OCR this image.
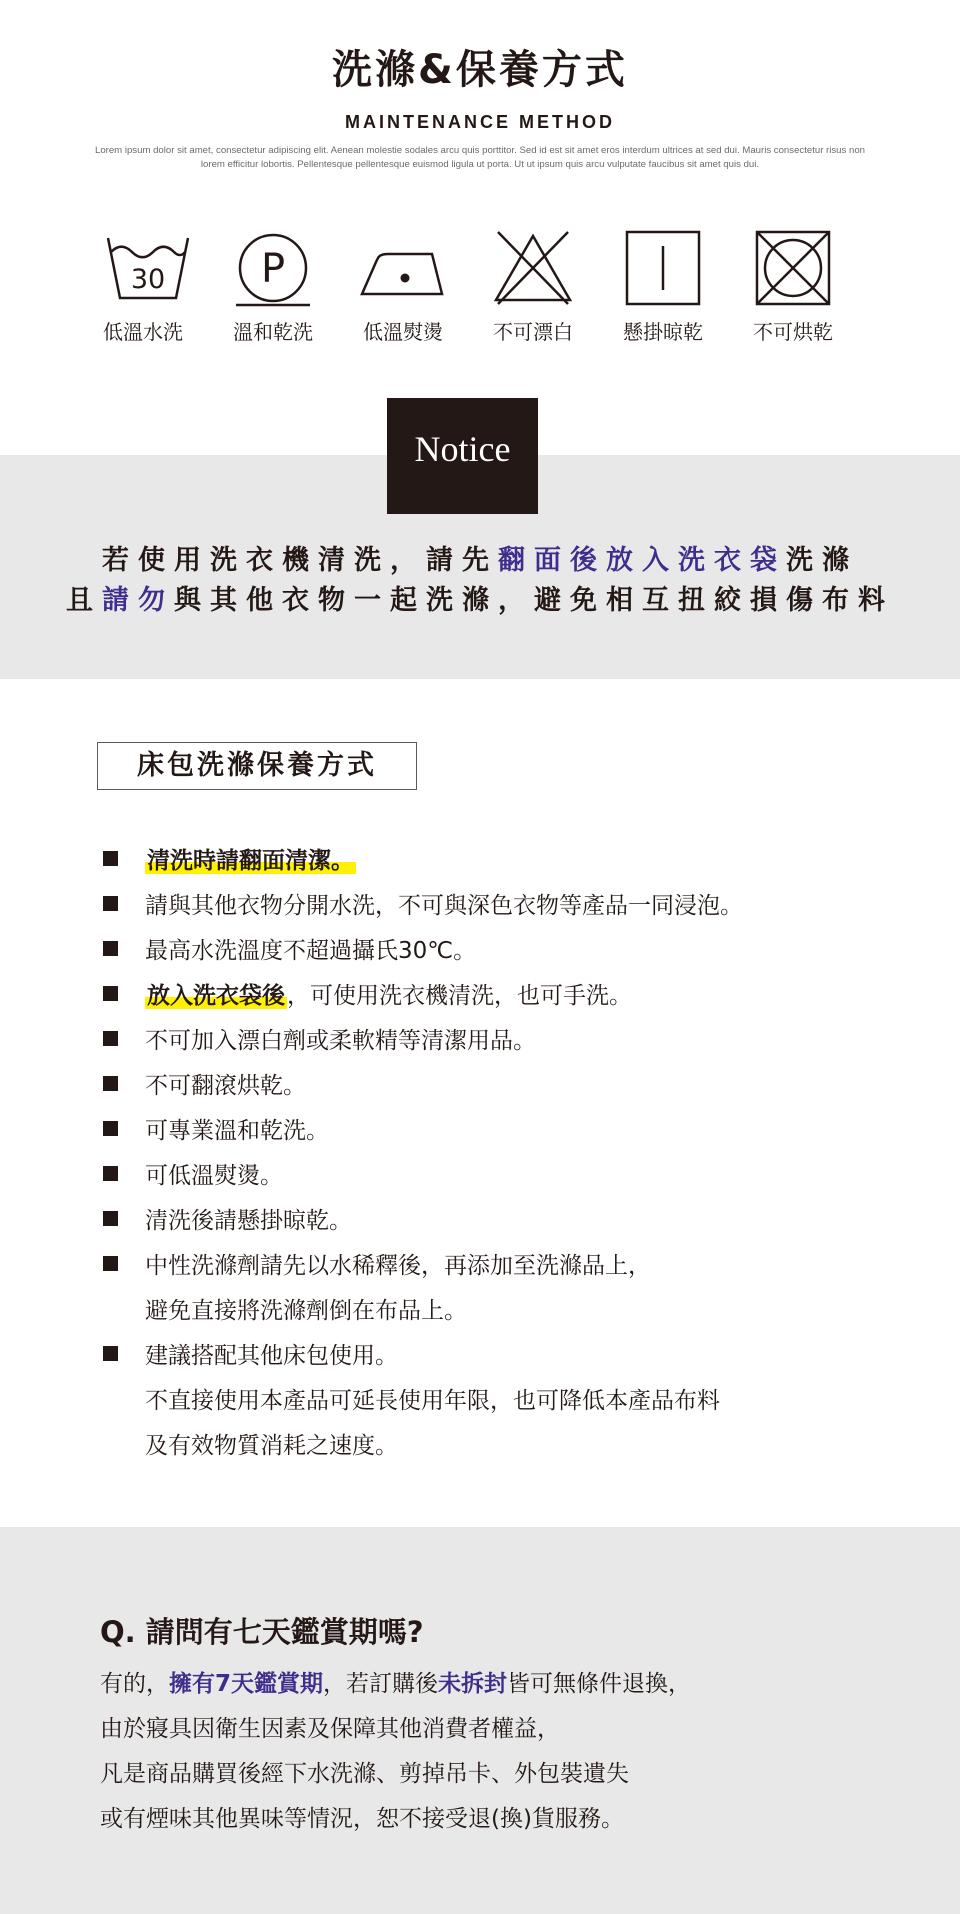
洗滌&保養方式
MAINTENANCE METHOD
Lorem ipsum dolor sit amet, consectetur adipiscing elit. Aenean molestie sodales arcu quis porttitor. Sed id est sit amet eros interdum ultrices at sed dui. Mauris consectetur risus non lorem efficitur lobortis. Pellentesque pellentesque euismod ligula ut porta. Ut ut ipsum quis arcu vulputate faucibus sit amet quis dui.
30
低溫水洗
P
溫和乾洗	低溫熨燙	不可漂白	懸掛晾乾	不可烘乾
Notice
若使用洗衣機清洗，請先翻面後放入洗衣袋洗滌
且請勿與其他衣物一起洗滌，避免相互扭絞損傷布料
床包洗滌保養方式
清洗時請翻面清潔。
請與其他衣物分開水洗，不可與深色衣物等產品一同浸泡。
最高水洗溫度不超過攝氏30℃。
放入洗衣袋後，可使用洗衣機清洗，也可手洗。
不可加入漂白劑或柔軟精等清潔用品。
不可翻滾烘乾。
可專業溫和乾洗。
可低溫熨燙。
清洗後請懸掛晾乾。
中性洗滌劑請先以水稀釋後，再添加至洗滌品上，
避免直接將洗滌劑倒在布品上。
建議搭配其他床包使用。
不直接使用本產品可延長使用年限，也可降低本產品布料
及有效物質消耗之速度。
Q. 請問有七天鑑賞期嗎?
有的，擁有7天鑑賞期，若訂購後未拆封皆可無條件退換，
由於寢具因衛生因素及保障其他消費者權益，
凡是商品購買後經下水洗滌、剪掉吊卡、外包裝遺失
或有煙味其他異味等情況，恕不接受退(換)貨服務。
